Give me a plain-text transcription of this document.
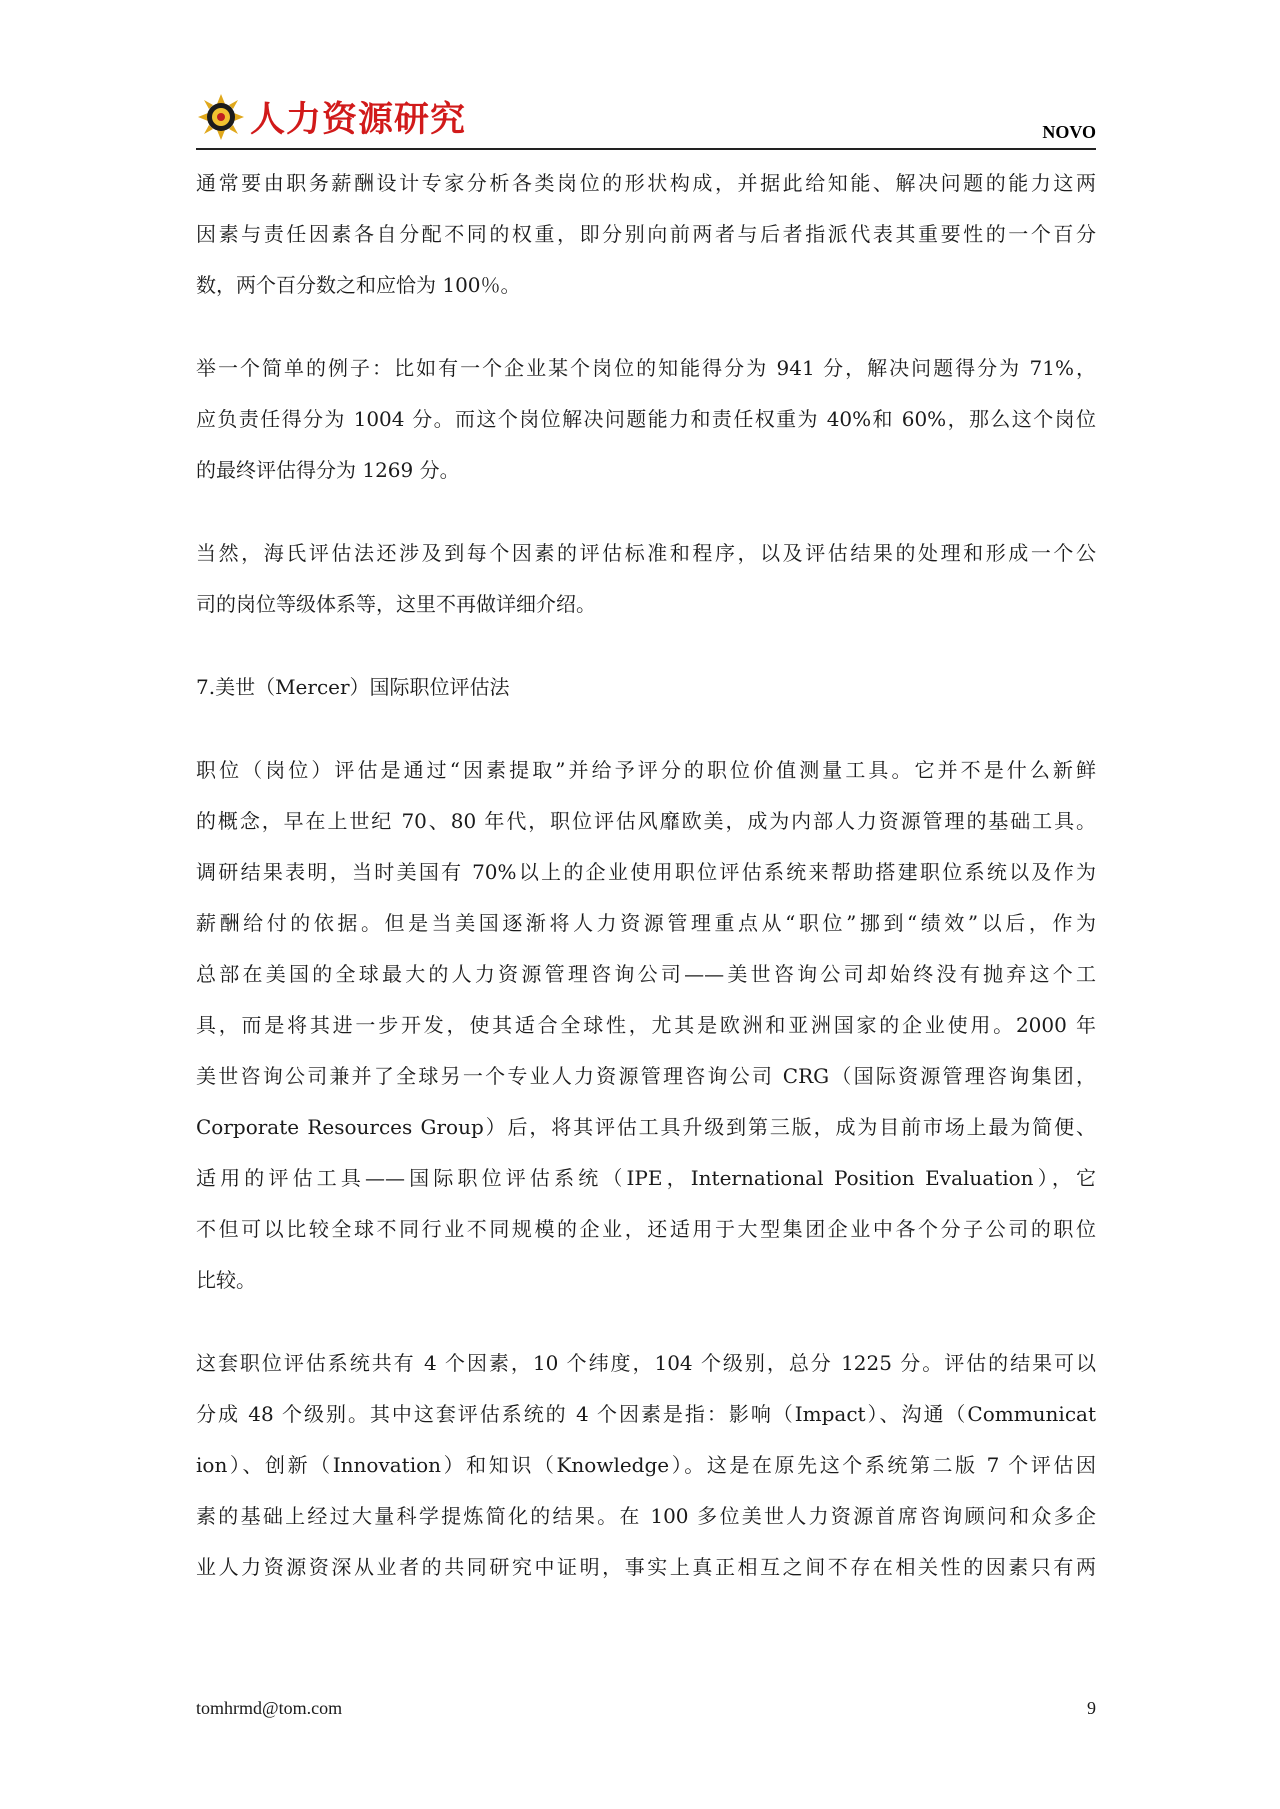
人力资源研究	NOVO

通常要由职务薪酬设计专家分析各类岗位的形状构成，并据此给知能、解决问题的能力这两
因素与责任因素各自分配不同的权重，即分别向前两者与后者指派代表其重要性的一个百分
数，两个百分数之和应恰为 100％。

举一个简单的例子：比如有一个企业某个岗位的知能得分为 941 分，解决问题得分为 71%，
应负责任得分为 1004 分。而这个岗位解决问题能力和责任权重为 40%和 60%，那么这个岗位
的最终评估得分为 1269 分。

当然，海氏评估法还涉及到每个因素的评估标准和程序，以及评估结果的处理和形成一个公
司的岗位等级体系等，这里不再做详细介绍。

7.美世（Mercer）国际职位评估法

职位（岗位）评估是通过“因素提取”并给予评分的职位价值测量工具。它并不是什么新鲜
的概念，早在上世纪 70、80 年代，职位评估风靡欧美，成为内部人力资源管理的基础工具。
调研结果表明，当时美国有 70%以上的企业使用职位评估系统来帮助搭建职位系统以及作为
薪酬给付的依据。但是当美国逐渐将人力资源管理重点从“职位”挪到“绩效”以后，作为
总部在美国的全球最大的人力资源管理咨询公司——美世咨询公司却始终没有抛弃这个工
具，而是将其进一步开发，使其适合全球性，尤其是欧洲和亚洲国家的企业使用。2000 年
美世咨询公司兼并了全球另一个专业人力资源管理咨询公司 CRG（国际资源管理咨询集团，
Corporate Resources Group）后，将其评估工具升级到第三版，成为目前市场上最为简便、
适用的评估工具——国际职位评估系统（IPE，International Position Evaluation），它
不但可以比较全球不同行业不同规模的企业，还适用于大型集团企业中各个分子公司的职位
比较。

这套职位评估系统共有 4 个因素，10 个纬度，104 个级别，总分 1225 分。评估的结果可以
分成 48 个级别。其中这套评估系统的 4 个因素是指：影响（Impact）、沟通（Communicat
ion）、创新（Innovation）和知识（Knowledge）。这是在原先这个系统第二版 7 个评估因
素的基础上经过大量科学提炼简化的结果。在 100 多位美世人力资源首席咨询顾问和众多企
业人力资源资深从业者的共同研究中证明，事实上真正相互之间不存在相关性的因素只有两

tomhrmd@tom.com	9
